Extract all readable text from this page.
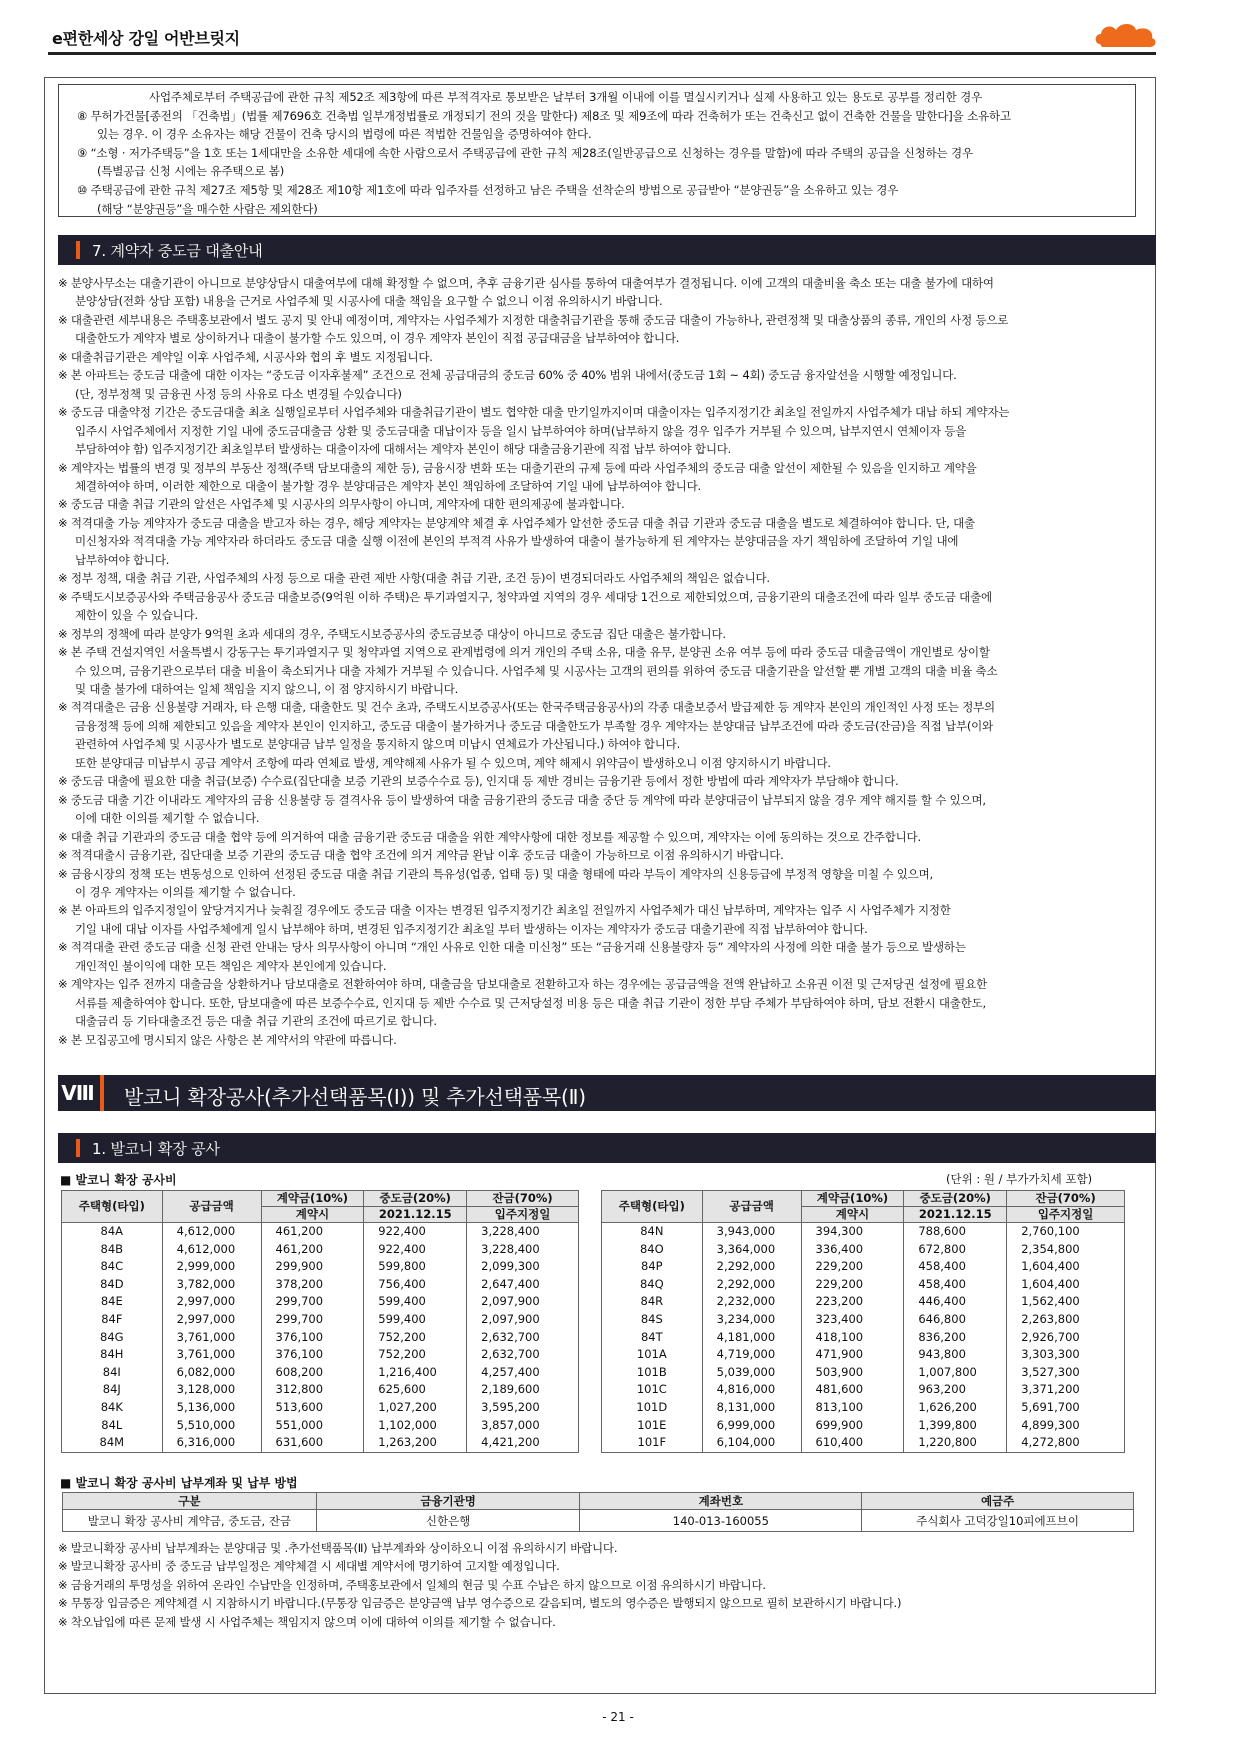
e편한세상 강일 어반브릿지

사업주체로부터 주택공급에 관한 규칙 제52조 제3항에 따른 부적격자로 통보받은 날부터 3개월 이내에 이를 멸실시키거나 실제 사용하고 있는 용도로 공부를 정리한 경우

⑧ 무허가건물[종전의 「건축법」(법률 제7696호 건축법 일부개정법률로 개정되기 전의 것을 말한다) 제8조 및 제9조에 따라 건축허가 또는 건축신고 없이 건축한 건물을 말한다]을 소유하고

있는 경우. 이 경우 소유자는 해당 건물이 건축 당시의 법령에 따른 적법한 건물임을 증명하여야 한다.

⑨ “소형 · 저가주택등”을 1호 또는 1세대만을 소유한 세대에 속한 사람으로서 주택공급에 관한 규칙 제28조(일반공급으로 신청하는 경우를 말함)에 따라 주택의 공급을 신청하는 경우

(특별공급 신청 시에는 유주택으로 봄)

⑩ 주택공급에 관한 규칙 제27조 제5항 및 제28조 제10항 제1호에 따라 입주자를 선정하고 남은 주택을 선착순의 방법으로 공급받아 “분양권등”을 소유하고 있는 경우

(해당 “분양권등”을 매수한 사람은 제외한다)

7. 계약자 중도금 대출안내

※ 분양사무소는 대출기관이 아니므로 분양상담시 대출여부에 대해 확정할 수 없으며, 추후 금융기관 심사를 통하여 대출여부가 결정됩니다. 이에 고객의 대출비율 축소 또는 대출 불가에 대하여

분양상담(전화 상담 포함) 내용을 근거로 사업주체 및 시공사에 대출 책임을 요구할 수 없으니 이점 유의하시기 바랍니다.

※ 대출관련 세부내용은 주택홍보관에서 별도 공지 및 안내 예정이며, 계약자는 사업주체가 지정한 대출취급기관을 통해 중도금 대출이 가능하나, 관련정책 및 대출상품의 종류, 개인의 사정 등으로

대출한도가 계약자 별로 상이하거나 대출이 불가할 수도 있으며, 이 경우 계약자 본인이 직접 공급대금을 납부하여야 합니다.

※ 대출취급기관은 계약일 이후 사업주체, 시공사와 협의 후 별도 지정됩니다.

※ 본 아파트는 중도금 대출에 대한 이자는 “중도금 이자후불제” 조건으로 전체 공급대금의 중도금 60% 중 40% 범위 내에서(중도금 1회 ~ 4회) 중도금 융자알선을 시행할 예정입니다.

(단, 정부정책 및 금융권 사정 등의 사유로 다소 변경될 수있습니다)

※ 중도금 대출약정 기간은 중도금대출 최초 실행일로부터 사업주체와 대출취급기관이 별도 협약한 대출 만기일까지이며 대출이자는 입주지정기간 최초일 전일까지 사업주체가 대납 하되 계약자는

입주시 사업주체에서 지정한 기일 내에 중도금대출금 상환 및 중도금대출 대납이자 등을 일시 납부하여야 하며(납부하지 않을 경우 입주가 거부될 수 있으며, 납부지연시 연체이자 등을

부담하여야 함) 입주지정기간 최초일부터 발생하는 대출이자에 대해서는 계약자 본인이 해당 대출금융기관에 직접 납부 하여야 합니다.

※ 계약자는 법률의 변경 및 정부의 부동산 정책(주택 담보대출의 제한 등), 금융시장 변화 또는 대출기관의 규제 등에 따라 사업주체의 중도금 대출 알선이 제한될 수 있음을 인지하고 계약을

체결하여야 하며, 이러한 제한으로 대출이 불가할 경우 분양대금은 계약자 본인 책임하에 조달하여 기일 내에 납부하여야 합니다.

※ 중도금 대출 취급 기관의 알선은 사업주체 및 시공사의 의무사항이 아니며, 계약자에 대한 편의제공에 불과합니다.

※ 적격대출 가능 계약자가 중도금 대출을 받고자 하는 경우, 해당 계약자는 분양계약 체결 후 사업주체가 알선한 중도금 대출 취급 기관과 중도금 대출을 별도로 체결하여야 합니다. 단, 대출

미신청자와 적격대출 가능 계약자라 하더라도 중도금 대출 실행 이전에 본인의 부적격 사유가 발생하여 대출이 불가능하게 된 계약자는 분양대금을 자기 책임하에 조달하여 기일 내에

납부하여야 합니다.

※ 정부 정책, 대출 취급 기관, 사업주체의 사정 등으로 대출 관련 제반 사항(대출 취급 기관, 조건 등)이 변경되더라도 사업주체의 책임은 없습니다.

※ 주택도시보증공사와 주택금융공사 중도금 대출보증(9억원 이하 주택)은 투기과열지구, 청약과열 지역의 경우 세대당 1건으로 제한되었으며, 금융기관의 대출조건에 따라 일부 중도금 대출에

제한이 있을 수 있습니다.

※ 정부의 정책에 따라 분양가 9억원 초과 세대의 경우, 주택도시보증공사의 중도금보증 대상이 아니므로 중도금 집단 대출은 불가합니다.

※ 본 주택 건설지역인 서울특별시 강동구는 투기과열지구 및 청약과열 지역으로 관계법령에 의거 개인의 주택 소유, 대출 유무, 분양권 소유 여부 등에 따라 중도금 대출금액이 개인별로 상이할

수 있으며, 금융기관으로부터 대출 비율이 축소되거나 대출 자체가 거부될 수 있습니다. 사업주체 및 시공사는 고객의 편의를 위하여 중도금 대출기관을 알선할 뿐 개별 고객의 대출 비율 축소

및 대출 불가에 대하여는 일체 책임을 지지 않으니, 이 점 양지하시기 바랍니다.

※ 적격대출은 금융 신용불량 거래자, 타 은행 대출, 대출한도 및 건수 초과, 주택도시보증공사(또는 한국주택금융공사)의 각종 대출보증서 발급제한 등 계약자 본인의 개인적인 사정 또는 정부의

금융정책 등에 의해 제한되고 있음을 계약자 본인이 인지하고, 중도금 대출이 불가하거나 중도금 대출한도가 부족할 경우 계약자는 분양대금 납부조건에 따라 중도금(잔금)을 직접 납부(이와

관련하여 사업주체 및 시공사가 별도로 분양대금 납부 일정을 통지하지 않으며 미납시 연체료가 가산됩니다.) 하여야 합니다.

또한 분양대금 미납부시 공급 계약서 조항에 따라 연체료 발생, 계약해제 사유가 될 수 있으며, 계약 해제시 위약금이 발생하오니 이점 양지하시기 바랍니다.

※ 중도금 대출에 필요한 대출 취급(보증) 수수료(집단대출 보증 기관의 보증수수료 등), 인지대 등 제반 경비는 금융기관 등에서 정한 방법에 따라 계약자가 부담해야 합니다.

※ 중도금 대출 기간 이내라도 계약자의 금융 신용불량 등 결격사유 등이 발생하여 대출 금융기관의 중도금 대출 중단 등 계약에 따라 분양대금이 납부되지 않을 경우 계약 해지를 할 수 있으며,

이에 대한 이의를 제기할 수 없습니다.

※ 대출 취급 기관과의 중도금 대출 협약 등에 의거하여 대출 금융기관 중도금 대출을 위한 계약사항에 대한 정보를 제공할 수 있으며, 계약자는 이에 동의하는 것으로 간주합니다.

※ 적격대출시 금융기관, 집단대출 보증 기관의 중도금 대출 협약 조건에 의거 계약금 완납 이후 중도금 대출이 가능하므로 이점 유의하시기 바랍니다.

※ 금융시장의 정책 또는 변동성으로 인하여 선정된 중도금 대출 취급 기관의 특유성(업종, 업태 등) 및 대출 형태에 따라 부득이 계약자의 신용등급에 부정적 영향을 미칠 수 있으며,

이 경우 계약자는 이의를 제기할 수 없습니다.

※ 본 아파트의 입주지정일이 앞당겨지거나 늦춰질 경우에도 중도금 대출 이자는 변경된 입주지정기간 최초일 전일까지 사업주체가 대신 납부하며, 계약자는 입주 시 사업주체가 지정한

기일 내에 대납 이자를 사업주체에게 일시 납부해야 하며, 변경된 입주지정기간 최초일 부터 발생하는 이자는 계약자가 중도금 대출기관에 직접 납부하여야 합니다.

※ 적격대출 관련 중도금 대출 신청 관련 안내는 당사 의무사항이 아니며 “개인 사유로 인한 대출 미신청” 또는 “금융거래 신용불량자 등” 계약자의 사정에 의한 대출 불가 등으로 발생하는

개인적인 불이익에 대한 모든 책임은 계약자 본인에게 있습니다.

※ 계약자는 입주 전까지 대출금을 상환하거나 담보대출로 전환하여야 하며, 대출금을 담보대출로 전환하고자 하는 경우에는 공급금액을 전액 완납하고 소유권 이전 및 근저당권 설정에 필요한

서류를 제출하여야 합니다. 또한, 담보대출에 따른 보증수수료, 인지대 등 제반 수수료 및 근저당설정 비용 등은 대출 취급 기관이 정한 부담 주체가 부담하여야 하며, 담보 전환시 대출한도,

대출금리 등 기타대출조건 등은 대출 취급 기관의 조건에 따르기로 합니다.

※ 본 모집공고에 명시되지 않은 사항은 본 계약서의 약관에 따릅니다.

Ⅷ 발코니 확장공사(추가선택품목(Ⅰ)) 및 추가선택품목(Ⅱ)
1. 발코니 확장 공사
■ 발코니 확장 공사비	(단위 : 원 / 부가가치세 포함)
주택형(타입)	공급금액	계약금(10%)	중도금(20%)	잔금(70%)
		계약시	2021.12.15	입주지정일
84A	4,612,000	461,200	922,400	3,228,400
84B	4,612,000	461,200	922,400	3,228,400
84C	2,999,000	299,900	599,800	2,099,300
84D	3,782,000	378,200	756,400	2,647,400
84E	2,997,000	299,700	599,400	2,097,900
84F	2,997,000	299,700	599,400	2,097,900
84G	3,761,000	376,100	752,200	2,632,700
84H	3,761,000	376,100	752,200	2,632,700
84I	6,082,000	608,200	1,216,400	4,257,400
84J	3,128,000	312,800	625,600	2,189,600
84K	5,136,000	513,600	1,027,200	3,595,200
84L	5,510,000	551,000	1,102,000	3,857,000
84M	6,316,000	631,600	1,263,200	4,421,200
주택형(타입)	공급금액	계약금(10%)	중도금(20%)	잔금(70%)
		계약시	2021.12.15	입주지정일
84N	3,943,000	394,300	788,600	2,760,100
84O	3,364,000	336,400	672,800	2,354,800
84P	2,292,000	229,200	458,400	1,604,400
84Q	2,292,000	229,200	458,400	1,604,400
84R	2,232,000	223,200	446,400	1,562,400
84S	3,234,000	323,400	646,800	2,263,800
84T	4,181,000	418,100	836,200	2,926,700
101A	4,719,000	471,900	943,800	3,303,300
101B	5,039,000	503,900	1,007,800	3,527,300
101C	4,816,000	481,600	963,200	3,371,200
101D	8,131,000	813,100	1,626,200	5,691,700
101E	6,999,000	699,900	1,399,800	4,899,300
101F	6,104,000	610,400	1,220,800	4,272,800
■ 발코니 확장 공사비 납부계좌 및 납부 방법
구분	금융기관명	계좌번호	예금주
발코니 확장 공사비 계약금, 중도금, 잔금	신한은행	140-013-160055	주식회사 고덕강일10피에프브이

※ 발코니확장 공사비 납부계좌는 분양대금 및 .추가선택품목(Ⅱ) 납부계좌와 상이하오니 이점 유의하시기 바랍니다.

※ 발코니확장 공사비 중 중도금 납부일정은 계약체결 시 세대별 계약서에 명기하여 고지할 예정입니다.

※ 금융거래의 투명성을 위하여 온라인 수납만을 인정하며, 주택홍보관에서 일체의 현금 및 수표 수납은 하지 않으므로 이점 유의하시기 바랍니다.

※ 무통장 입금증은 계약체결 시 지참하시기 바랍니다.(무통장 입금증은 분양금액 납부 영수증으로 갈음되며, 별도의 영수증은 발행되지 않으므로 필히 보관하시기 바랍니다.)

※ 착오납입에 따른 문제 발생 시 사업주체는 책임지지 않으며 이에 대하여 이의를 제기할 수 없습니다.

- 21 -
